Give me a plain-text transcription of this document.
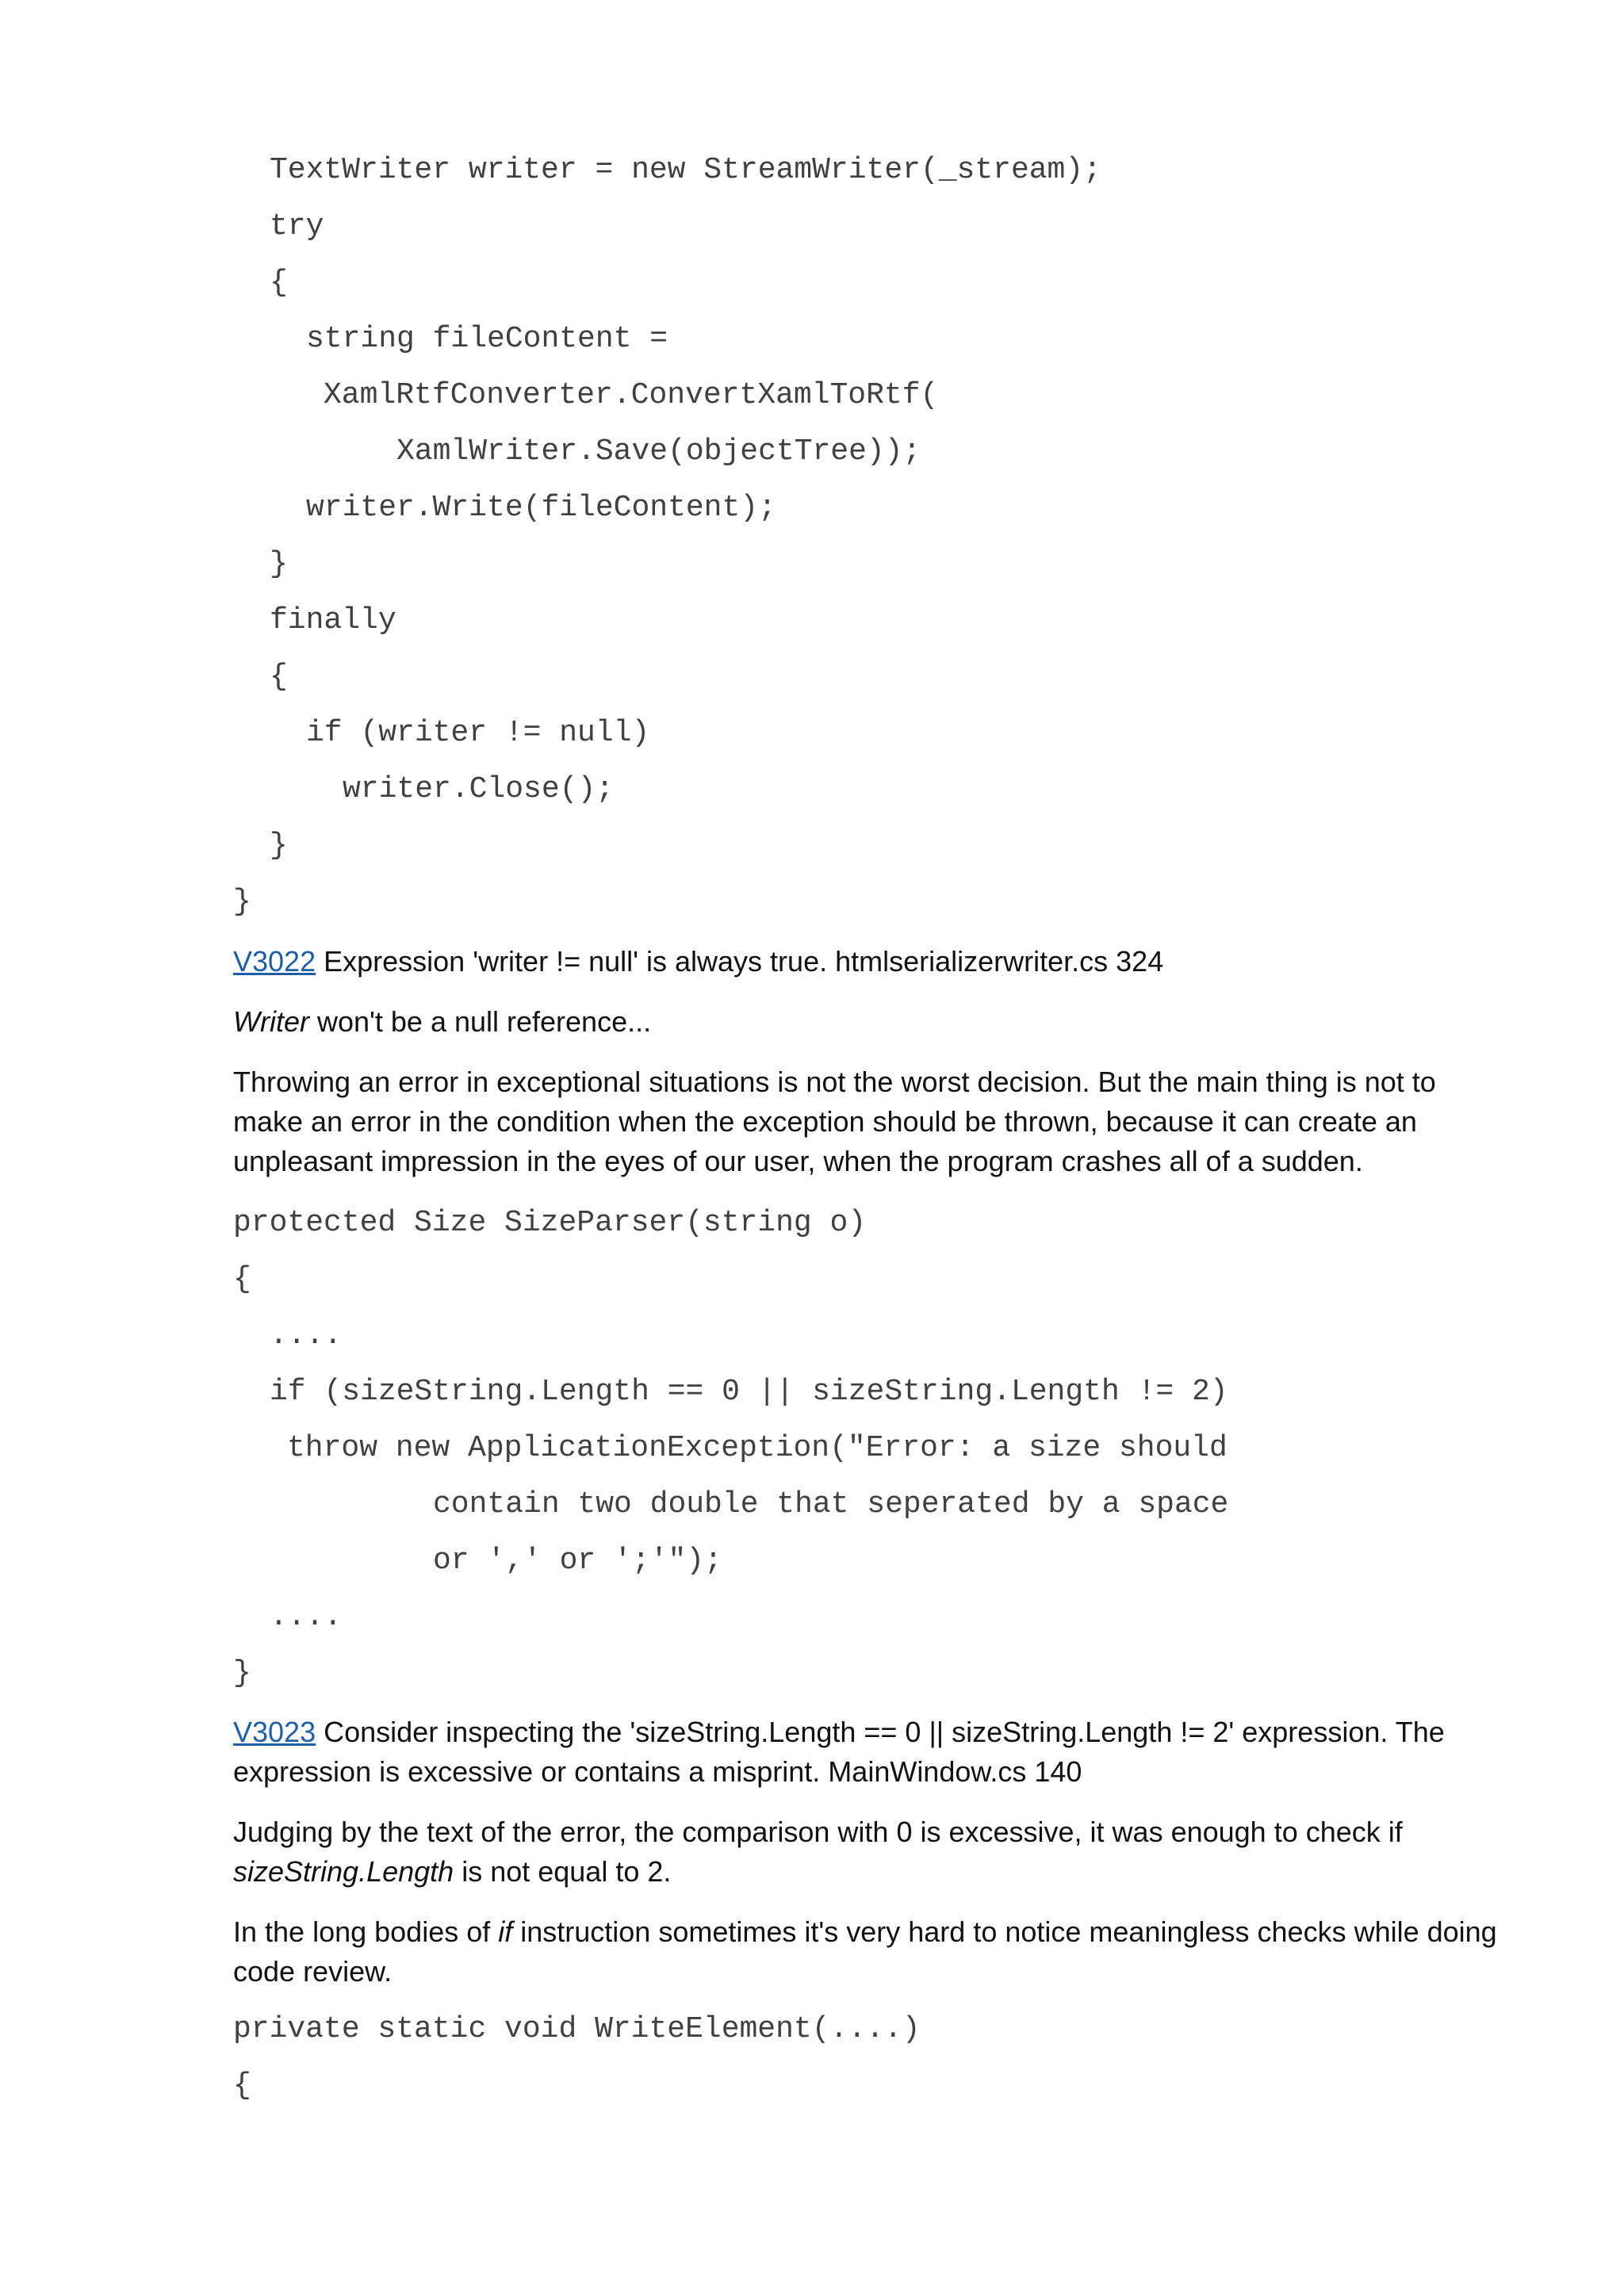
TextWriter writer = new StreamWriter(_stream);

try

{

string fileContent =

XamlRtfConverter.ConvertXamlToRtf(

XamlWriter.Save(objectTree));

writer.Write(fileContent);

}

finally

{

if (writer != null)

writer.Close();

}

}

V3022 Expression 'writer != null' is always true. htmlserializerwriter.cs 324

Writer won't be a null reference...

Throwing an error in exceptional situations is not the worst decision. But the main thing is not to make an error in the condition when the exception should be thrown, because it can create an unpleasant impression in the eyes of our user, when the program crashes all of a sudden.

protected Size SizeParser(string o)

{

....

if (sizeString.Length == 0 || sizeString.Length != 2)

throw new ApplicationException("Error: a size should

contain two double that seperated by a space

or ',' or ';'");

....

}

V3023 Consider inspecting the 'sizeString.Length == 0 || sizeString.Length != 2' expression. The expression is excessive or contains a misprint. MainWindow.cs 140

Judging by the text of the error, the comparison with 0 is excessive, it was enough to check if sizeString.Length is not equal to 2.

In the long bodies of if instruction sometimes it's very hard to notice meaningless checks while doing code review.

private static void WriteElement(....)

{
